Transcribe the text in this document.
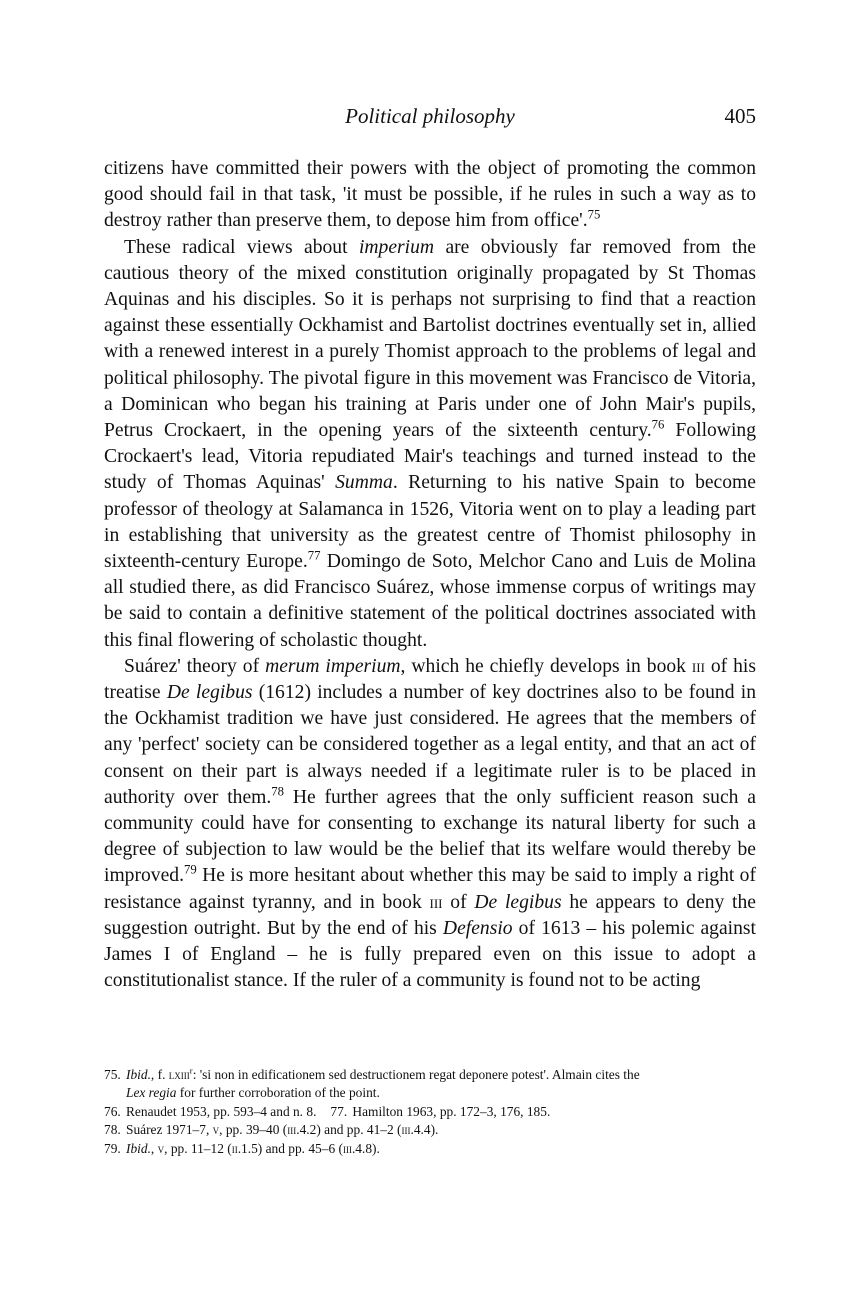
Political philosophy	405

citizens have committed their powers with the object of promoting the common good should fail in that task, 'it must be possible, if he rules in such a way as to destroy rather than preserve them, to depose him from office'.$^{75}$

These radical views about imperium are obviously far removed from the cautious theory of the mixed constitution originally propagated by St Thomas Aquinas and his disciples. So it is perhaps not surprising to find that a reaction against these essentially Ockhamist and Bartolist doctrines eventually set in, allied with a renewed interest in a purely Thomist approach to the problems of legal and political philosophy. The pivotal figure in this movement was Francisco de Vitoria, a Dominican who began his training at Paris under one of John Mair's pupils, Petrus Crockaert, in the opening years of the sixteenth century.$^{76}$ Following Crockaert's lead, Vitoria repudiated Mair's teachings and turned instead to the study of Thomas Aquinas' Summa. Returning to his native Spain to become professor of theology at Salamanca in 1526, Vitoria went on to play a leading part in establishing that university as the greatest centre of Thomist philosophy in sixteenth-century Europe.$^{77}$ Domingo de Soto, Melchor Cano and Luis de Molina all studied there, as did Francisco Suárez, whose immense corpus of writings may be said to contain a definitive statement of the political doctrines associated with this final flowering of scholastic thought.

Suárez' theory of merum imperium, which he chiefly develops in book iii of his treatise De legibus (1612) includes a number of key doctrines also to be found in the Ockhamist tradition we have just considered. He agrees that the members of any 'perfect' society can be considered together as a legal entity, and that an act of consent on their part is always needed if a legitimate ruler is to be placed in authority over them.$^{78}$ He further agrees that the only sufficient reason such a community could have for consenting to exchange its natural liberty for such a degree of subjection to law would be the belief that its welfare would thereby be improved.$^{79}$ He is more hesitant about whether this may be said to imply a right of resistance against tyranny, and in book iii of De legibus he appears to deny the suggestion outright. But by the end of his Defensio of 1613 – his polemic against James I of England – he is fully prepared even on this issue to adopt a constitutionalist stance. If the ruler of a community is found not to be acting

75. Ibid., f. lxiii$^r$: 'si non in edificationem sed destructionem regat deponere potest'. Almain cites the
Lex regia for further corroboration of the point.
76. Renaudet 1953, pp. 593–4 and n. 8. 77. Hamilton 1963, pp. 172–3, 176, 185.
78. Suárez 1971–7, v, pp. 39–40 (iii.4.2) and pp. 41–2 (iii.4.4).
79. Ibid., v, pp. 11–12 (ii.1.5) and pp. 45–6 (iii.4.8).
